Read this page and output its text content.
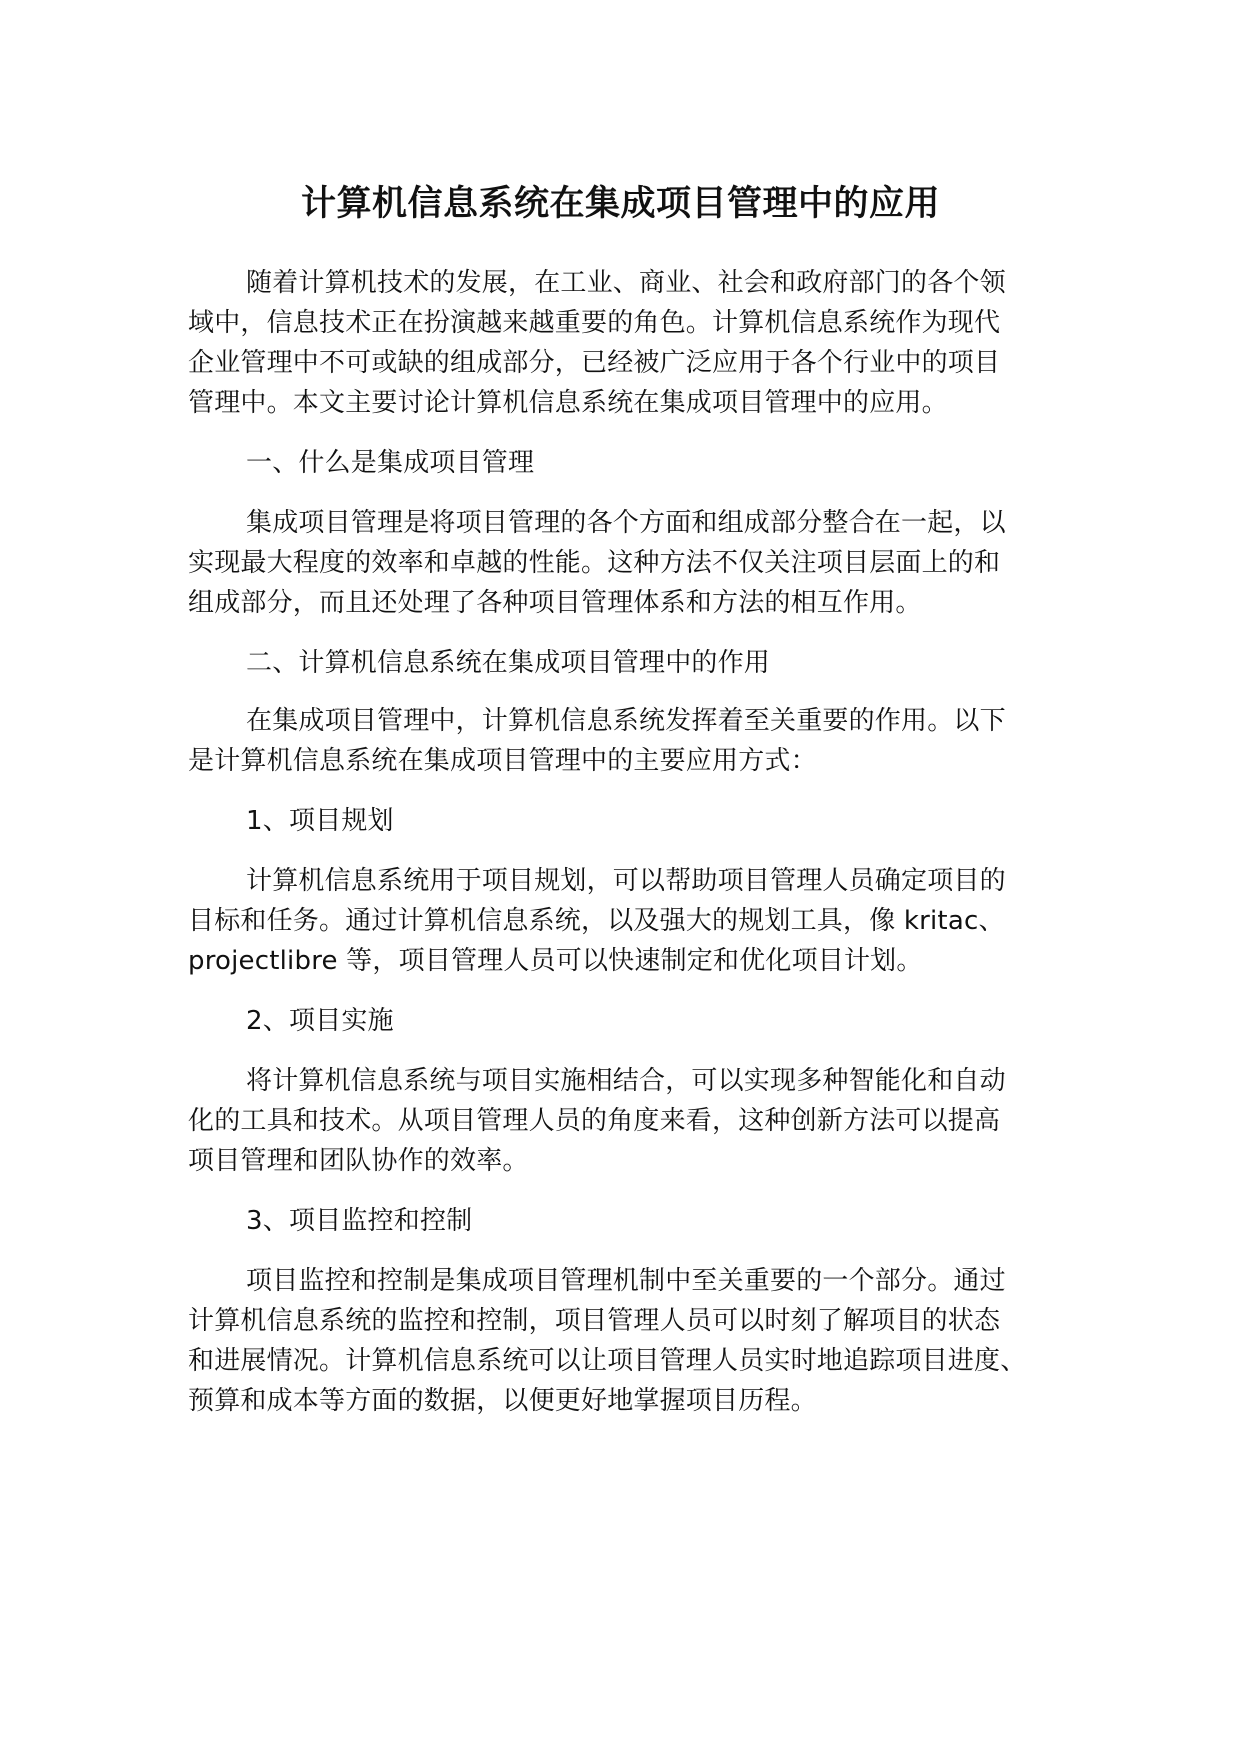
计算机信息系统在集成项目管理中的应用
随着计算机技术的发展，在工业、商业、社会和政府部门的各个领
域中，信息技术正在扮演越来越重要的角色。计算机信息系统作为现代
企业管理中不可或缺的组成部分，已经被广泛应用于各个行业中的项目
管理中。本文主要讨论计算机信息系统在集成项目管理中的应用。
一、什么是集成项目管理
集成项目管理是将项目管理的各个方面和组成部分整合在一起，以
实现最大程度的效率和卓越的性能。这种方法不仅关注项目层面上的和
组成部分，而且还处理了各种项目管理体系和方法的相互作用。
二、计算机信息系统在集成项目管理中的作用
在集成项目管理中，计算机信息系统发挥着至关重要的作用。以下
是计算机信息系统在集成项目管理中的主要应用方式：
1、项目规划
计算机信息系统用于项目规划，可以帮助项目管理人员确定项目的
目标和任务。通过计算机信息系统，以及强大的规划工具，像 kritac、
projectlibre 等，项目管理人员可以快速制定和优化项目计划。
2、项目实施
将计算机信息系统与项目实施相结合，可以实现多种智能化和自动
化的工具和技术。从项目管理人员的角度来看，这种创新方法可以提高
项目管理和团队协作的效率。
3、项目监控和控制
项目监控和控制是集成项目管理机制中至关重要的一个部分。通过
计算机信息系统的监控和控制，项目管理人员可以时刻了解项目的状态
和进展情况。计算机信息系统可以让项目管理人员实时地追踪项目进度、
预算和成本等方面的数据，以便更好地掌握项目历程。
